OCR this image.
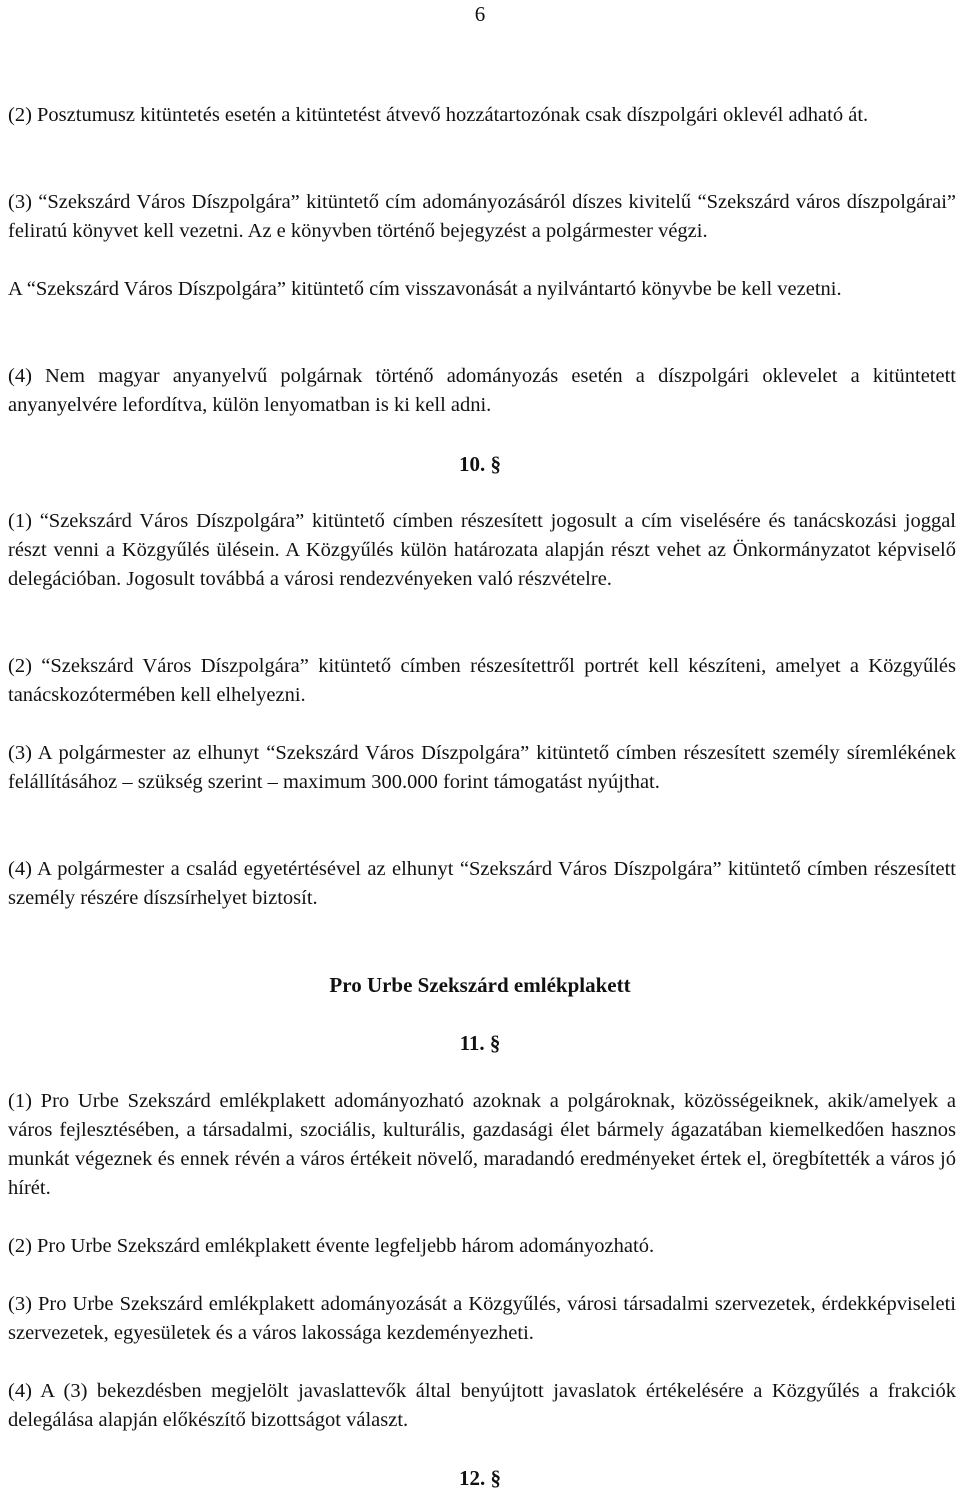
6

(2) Posztumusz kitüntetés esetén a kitüntetést átvevő hozzátartozónak csak díszpolgári oklevél adható át.

(3) “Szekszárd Város Díszpolgára” kitüntető cím adományozásáról díszes kivitelű “Szekszárd város díszpolgárai” feliratú könyvet kell vezetni. Az e könyvben történő bejegyzést a polgármester végzi.

A “Szekszárd Város Díszpolgára” kitüntető cím visszavonását a nyilvántartó könyvbe be kell vezetni.

(4) Nem magyar anyanyelvű polgárnak történő adományozás esetén a díszpolgári oklevelet a kitüntetett anyanyelvére lefordítva, külön lenyomatban is ki kell adni.

10. §

(1) “Szekszárd Város Díszpolgára” kitüntető címben részesített jogosult a cím viselésére és tanácskozási joggal részt venni a Közgyűlés ülésein. A Közgyűlés külön határozata alapján részt vehet az Önkormányzatot képviselő delegációban. Jogosult továbbá a városi rendezvényeken való részvételre.

(2) “Szekszárd Város Díszpolgára” kitüntető címben részesítettről portrét kell készíteni, amelyet a Közgyűlés tanácskozótermében kell elhelyezni.

(3) A polgármester az elhunyt “Szekszárd Város Díszpolgára” kitüntető címben részesített személy síremlékének felállításához – szükség szerint – maximum 300.000 forint támogatást nyújthat.

(4) A polgármester a család egyetértésével az elhunyt “Szekszárd Város Díszpolgára” kitüntető címben részesített személy részére díszsírhelyet biztosít.

Pro Urbe Szekszárd emlékplakett

11. §

(1) Pro Urbe Szekszárd emlékplakett adományozható azoknak a polgároknak, közösségeiknek, akik/amelyek a város fejlesztésében, a társadalmi, szociális, kulturális, gazdasági élet bármely ágazatában kiemelkedően hasznos munkát végeznek és ennek révén a város értékeit növelő, maradandó eredményeket értek el, öregbítették a város jó hírét.

(2) Pro Urbe Szekszárd emlékplakett évente legfeljebb három adományozható.

(3) Pro Urbe Szekszárd emlékplakett adományozását a Közgyűlés, városi társadalmi szervezetek, érdekképviseleti szervezetek, egyesületek és a város lakossága kezdeményezheti.

(4) A (3) bekezdésben megjelölt javaslattevők által benyújtott javaslatok értékelésére a Közgyűlés a frakciók delegálása alapján előkészítő bizottságot választ.

12. §
